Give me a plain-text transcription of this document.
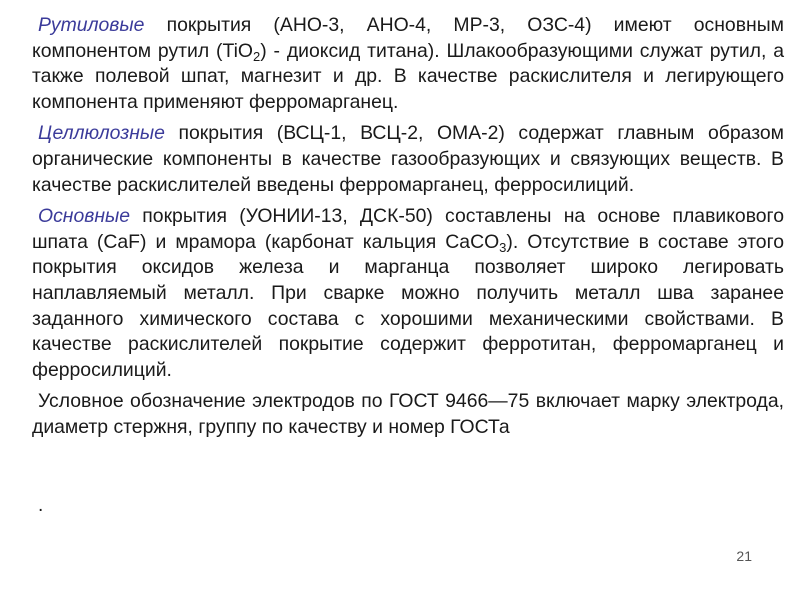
Рутиловые покрытия (АНО-3, АНО-4, МР-3, ОЗС-4) имеют основным компонентом рутил (TiO$_2$) - диоксид титана). Шлакообразующими служат рутил, а также полевой шпат, магнезит и др. В качестве раскислителя и легирующего компонента применяют ферромарганец.

Целлюлозные покрытия (ВСЦ-1, ВСЦ-2, ОМА-2) содержат главным образом органические компоненты в качестве газообразующих и связующих веществ. В качестве раскислителей введены ферромарганец, ферросилиций.

Основные покрытия (УОНИИ-13, ДСК-50) составлены на основе плавикового шпата (CaF) и мрамора (карбонат кальция CaCO$_3$). Отсутствие в составе этого покрытия оксидов железа и марганца позволяет широко легировать наплавляемый металл. При сварке можно получить металл шва заранее заданного химического состава с хорошими механическими свойствами. В качестве раскислителей покрытие содержит ферротитан, ферромарганец и ферросилиций.

Условное обозначение электродов по ГОСТ 9466—75 включает марку электрода, диаметр стержня, группу по качеству и номер ГОСТа

.
21
